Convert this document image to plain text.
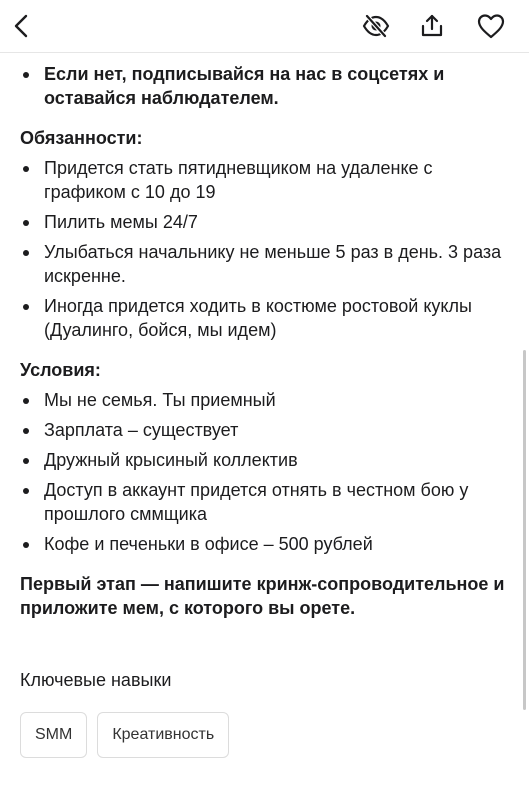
Если нет, подписывайся на нас в соцсетях и оставайся наблюдателем.
Обязанности:
Придется стать пятидневщиком на удаленке с графиком с 10 до 19
Пилить мемы 24/7
Улыбаться начальнику не меньше 5 раз в день. 3 раза искренне.
Иногда придется ходить в костюме ростовой куклы (Дуалинго, бойся, мы идем)
Условия:
Мы не семья. Ты приемный
Зарплата – существует
Дружный крысиный коллектив
Доступ в аккаунт придется отнять в честном бою у прошлого сммщика
Кофе и печеньки в офисе – 500 рублей
Первый этап — напишите кринж-сопроводительное и приложите мем, с которого вы орете.
Ключевые навыки
SMM	Креативность
